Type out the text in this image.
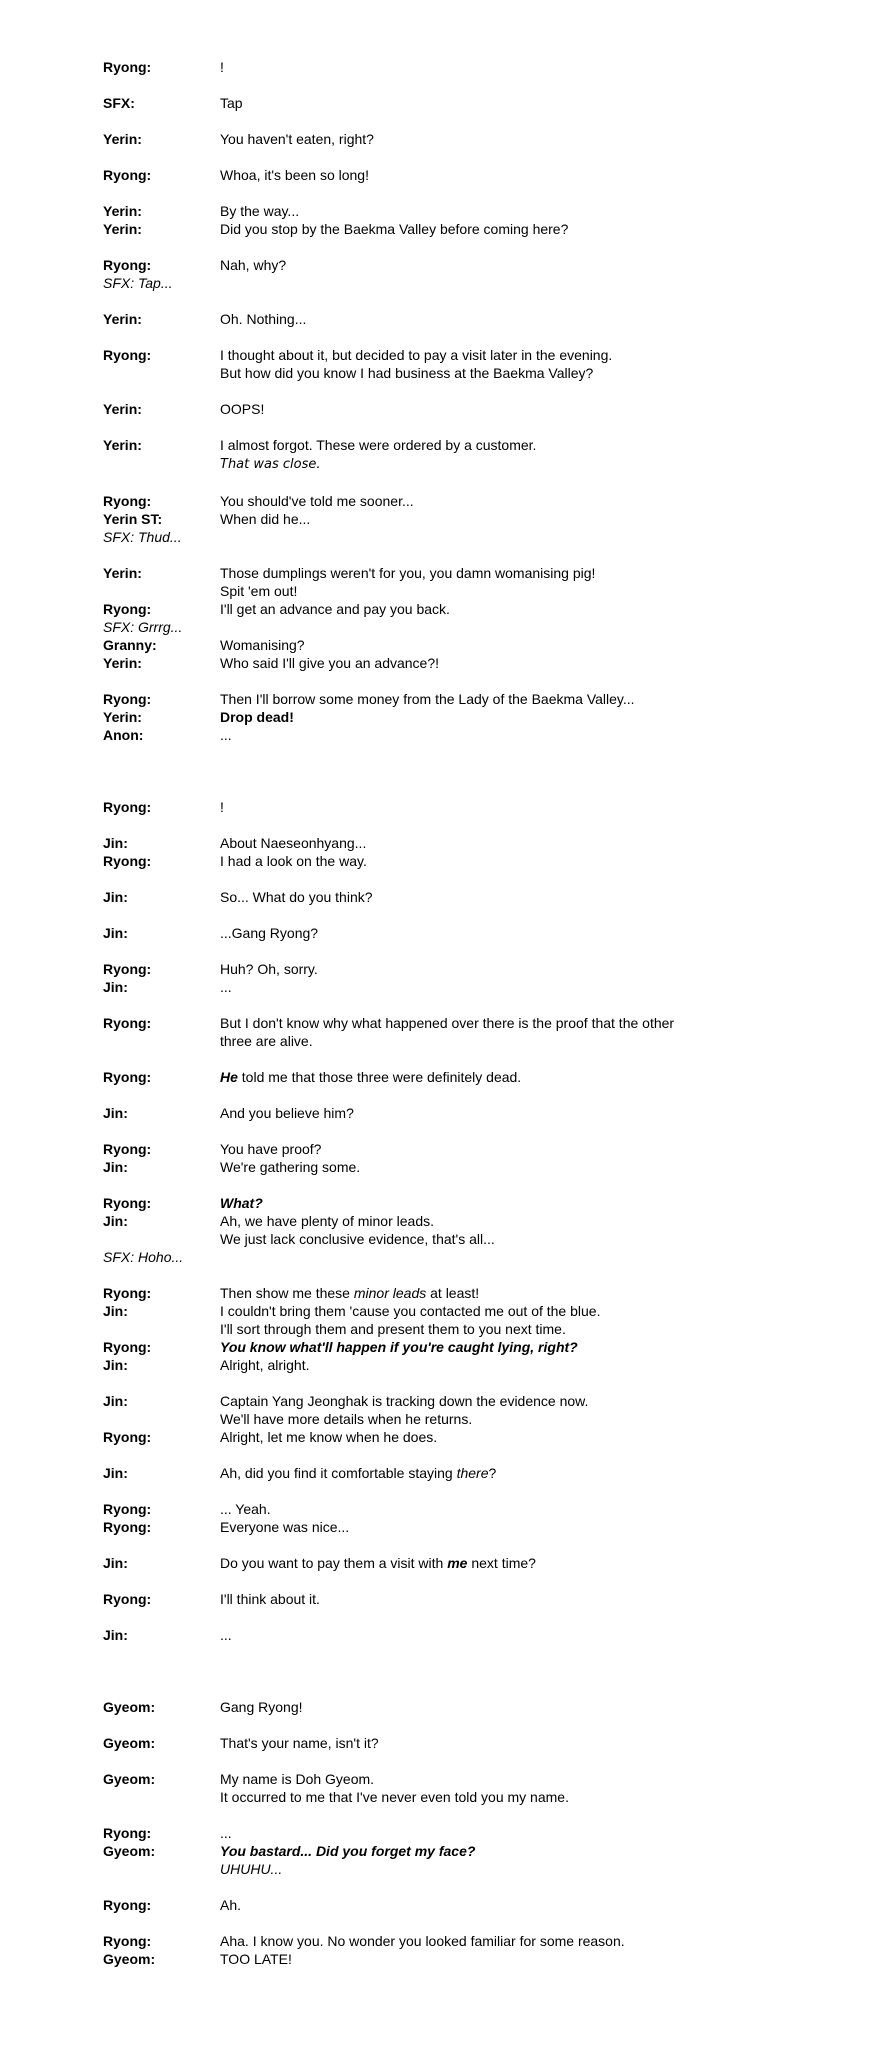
Ryong:	!
SFX:	Tap
Yerin:	You haven't eaten, right?
Ryong:	Whoa, it's been so long!
Yerin:	By the way...
Yerin:	Did you stop by the Baekma Valley before coming here?
Ryong:	Nah, why?
SFX: Tap...
Yerin:	Oh. Nothing...
Ryong:	I thought about it, but decided to pay a visit later in the evening.
But how did you know I had business at the Baekma Valley?
Yerin:	OOPS!
Yerin:	I almost forgot. These were ordered by a customer.
That was close.
Ryong:	You should've told me sooner...
Yerin ST:	When did he...
SFX: Thud...
Yerin:	Those dumplings weren't for you, you damn womanising pig!
Spit 'em out!
Ryong:	I'll get an advance and pay you back.
SFX: Grrrg...
Granny:	Womanising?
Yerin:	Who said I'll give you an advance?!
Ryong:	Then I'll borrow some money from the Lady of the Baekma Valley...
Yerin:	Drop dead!
Anon:	...
Ryong:	!
Jin:	About Naeseonhyang...
Ryong:	I had a look on the way.
Jin:	So... What do you think?
Jin:	...Gang Ryong?
Ryong:	Huh? Oh, sorry.
Jin:	...
Ryong:	But I don't know why what happened over there is the proof that the other
three are alive.
Ryong:	He told me that those three were definitely dead.
Jin:	And you believe him?
Ryong:	You have proof?
Jin:	We're gathering some.
Ryong:	What?
Jin:	Ah, we have plenty of minor leads.
We just lack conclusive evidence, that's all...
SFX: Hoho...
Ryong:	Then show me these minor leads at least!
Jin:	I couldn't bring them 'cause you contacted me out of the blue.
I'll sort through them and present them to you next time.
Ryong:	You know what'll happen if you're caught lying, right?
Jin:	Alright, alright.
Jin:	Captain Yang Jeonghak is tracking down the evidence now.
We'll have more details when he returns.
Ryong:	Alright, let me know when he does.
Jin:	Ah, did you find it comfortable staying there?
Ryong:	... Yeah.
Ryong:	Everyone was nice...
Jin:	Do you want to pay them a visit with me next time?
Ryong:	I'll think about it.
Jin:	...
Gyeom:	Gang Ryong!
Gyeom:	That's your name, isn't it?
Gyeom:	My name is Doh Gyeom.
It occurred to me that I've never even told you my name.
Ryong:	...
Gyeom:	You bastard... Did you forget my face?
UHUHU...
Ryong:	Ah.
Ryong:	Aha. I know you. No wonder you looked familiar for some reason.
Gyeom:	TOO LATE!
